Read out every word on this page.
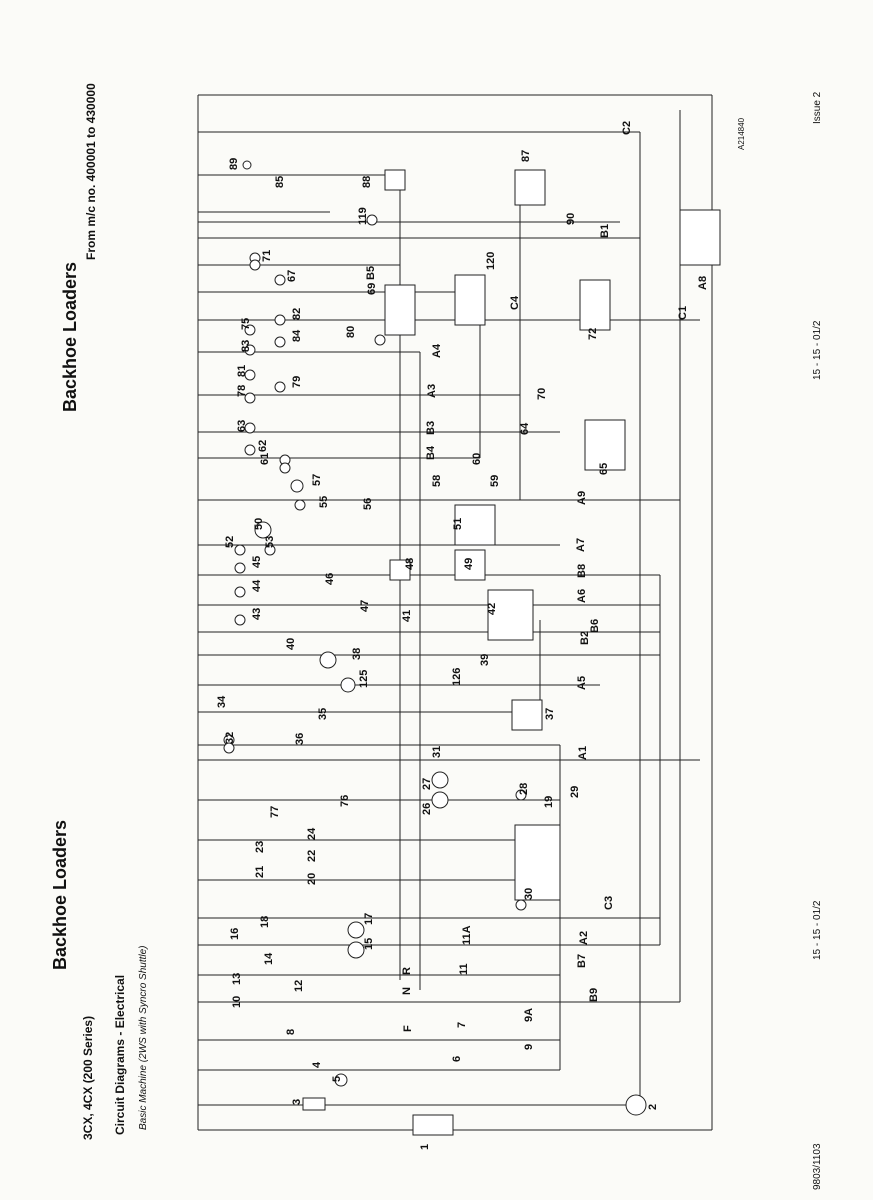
Backhoe Loaders
Backhoe Loaders
From m/c no. 400001 to 430000
3CX, 4CX (200 Series) Circuit Diagrams - Electrical Basic Machine (2WS with Syncro Shuttle)
Issue 2
15 - 15 - 01/2
15 - 15 - 01/2
9803/1103
A214840
1
2
3
4
5
6
7
8
9
9A
10
11
11A
12
13
14
15
16
17
18
19
20
21
22
23
24
26
27	28	29
30
31
32
34
35
36
37
38	39
40
41
42
43
44
45
46
47
48	49
50	51
52	53
55	56
57	58	59
60
61
62
63	64
65
67
69
70
71
72
75
76
77
78
79
80
81
82
83
84
85
87
88
89
90
119
120
125	126
F
N
R
A1
A2
A3
A4
A5
A6
A7
A8
A9
B1
B2
B3
B4
B5
B6
B7
B8
B9
C1
C2
C3
C4
